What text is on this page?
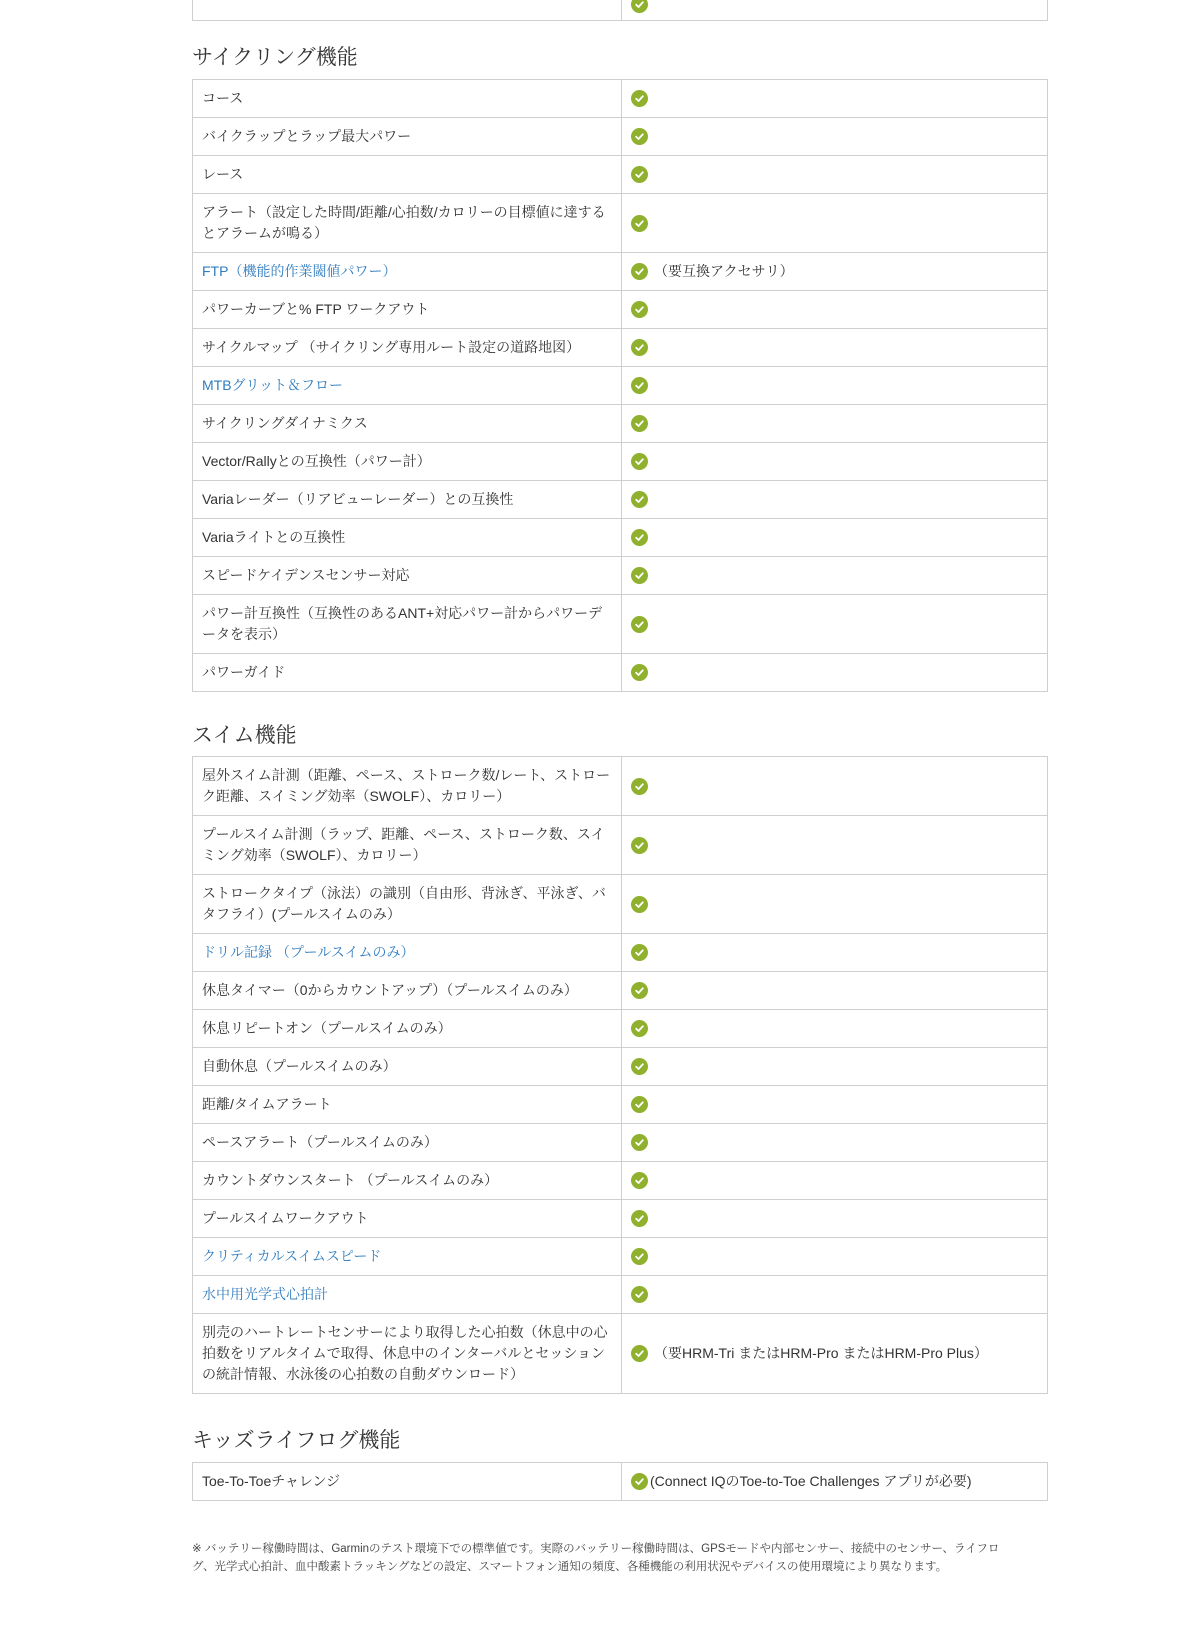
サイクリング機能
コース	

バイクラップとラップ最大パワー	

レース	

アラート（設定した時間/距離/心拍数/カロリーの目標値に達するとアラームが鳴る）	

FTP（機能的作業閾値パワー）	（要互換アクセサリ）

パワーカーブと% FTP ワークアウト	

サイクルマップ （サイクリング専用ルート設定の道路地図）	

MTBグリット＆フロー	

サイクリングダイナミクス	

Vector/Rallyとの互換性（パワー計）	

Variaレーダー（リアビューレーダー）との互換性	

Variaライトとの互換性	

スピードケイデンスセンサー対応	

パワー計互換性（互換性のあるANT+対応パワー計からパワーデータを表示）	

パワーガイド	
スイム機能
屋外スイム計測（距離、ペース、ストローク数/レート、ストローク距離、スイミング効率（SWOLF）、カロリー）	

プールスイム計測（ラップ、距離、ペース、ストローク数、スイミング効率（SWOLF）、カロリー）	

ストロークタイプ（泳法）の識別（自由形、背泳ぎ、平泳ぎ、バタフライ）(プールスイムのみ）	

ドリル記録 （プールスイムのみ）	

休息タイマー（0からカウントアップ）（プールスイムのみ）	

休息リピートオン（プールスイムのみ）	

自動休息（プールスイムのみ）	

距離/タイムアラート	

ペースアラート（プールスイムのみ）	

カウントダウンスタート （プールスイムのみ）	

プールスイムワークアウト	

クリティカルスイムスピード	

水中用光学式心拍計	

別売のハートレートセンサーにより取得した心拍数（休息中の心拍数をリアルタイムで取得、休息中のインターバルとセッションの統計情報、水泳後の心拍数の自動ダウンロード）	（要HRM-Tri またはHRM-Pro またはHRM-Pro Plus）
キッズライフログ機能
Toe-To-Toeチャレンジ	(Connect IQのToe-to-Toe Challenges アプリが必要)

※ バッテリー稼働時間は、Garminのテスト環境下での標準値です。実際のバッテリー稼働時間は、GPSモードや内部センサー、接続中のセンサー、ライフログ、光学式心拍計、血中酸素トラッキングなどの設定、スマートフォン通知の頻度、各種機能の利用状況やデバイスの使用環境により異なります。
